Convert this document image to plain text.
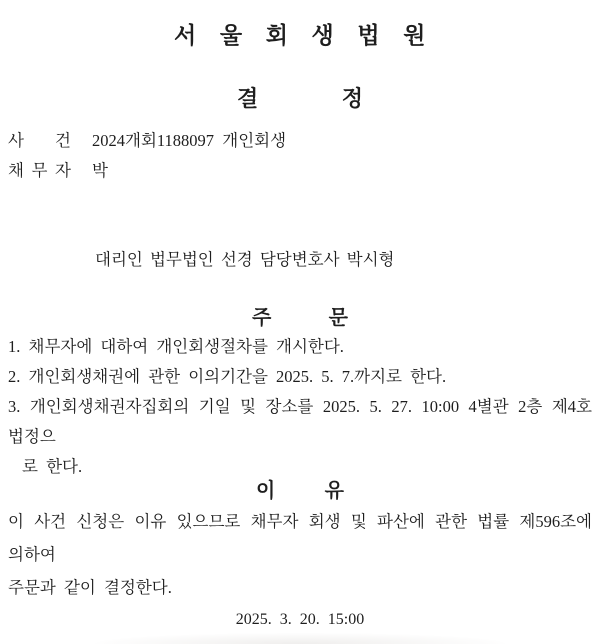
서 울 회 생 법 원
결	정
사 건 2024개회1188097  개인회생
채 무 자 박
대리인 법무법인 선경 담당변호사 박시형
주	문
1. 채무자에 대하여 개인회생절차를 개시한다.
2. 개인회생채권에 관한 이의기간을 2025. 5. 7.까지로 한다.
3. 개인회생채권자집회의 기일 및 장소를 2025. 5. 27. 10:00 4별관 2층 제4호 법정으
로 한다.
이 유
이 사건 신청은 이유 있으므로 채무자 회생 및 파산에 관한 법률 제596조에 의하여
주문과 같이 결정한다.
2025. 3. 20. 15:00
